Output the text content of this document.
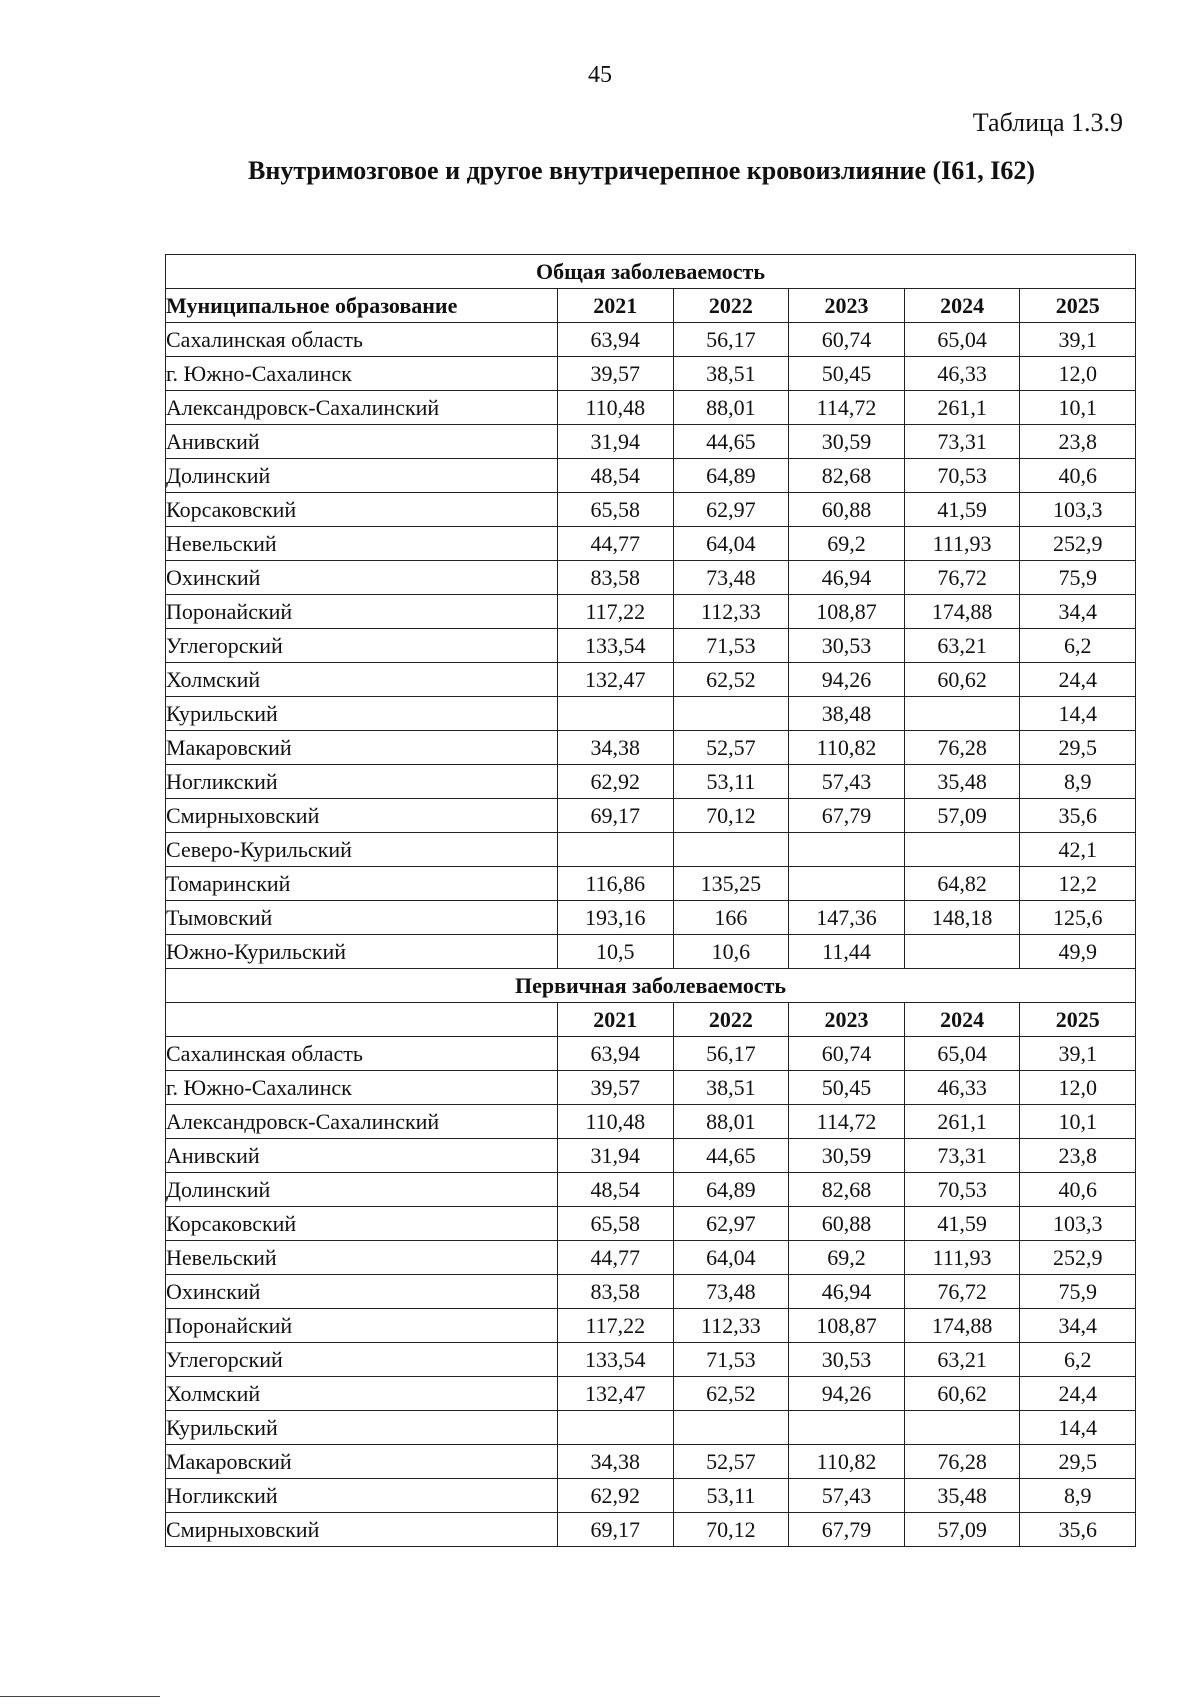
45
Таблица 1.3.9
Внутримозговое и другое внутричерепное кровоизлияние (I61, I62)
Общая заболеваемость					
Муниципальное образование	2021	2022	2023	2024	2025
Сахалинская область	63,94	56,17	60,74	65,04	39,1
г. Южно-Сахалинск	39,57	38,51	50,45	46,33	12,0
Александровск-Сахалинский	110,48	88,01	114,72	261,1	10,1
Анивский	31,94	44,65	30,59	73,31	23,8
Долинский	48,54	64,89	82,68	70,53	40,6
Корсаковский	65,58	62,97	60,88	41,59	103,3
Невельский	44,77	64,04	69,2	111,93	252,9
Охинский	83,58	73,48	46,94	76,72	75,9
Поронайский	117,22	112,33	108,87	174,88	34,4
Углегорский	133,54	71,53	30,53	63,21	6,2
Холмский	132,47	62,52	94,26	60,62	24,4
Курильский			38,48		14,4
Макаровский	34,38	52,57	110,82	76,28	29,5
Ногликский	62,92	53,11	57,43	35,48	8,9
Смирныховский	69,17	70,12	67,79	57,09	35,6
Северо-Курильский					42,1
Томаринский	116,86	135,25		64,82	12,2
Тымовский	193,16	166	147,36	148,18	125,6
Южно-Курильский	10,5	10,6	11,44		49,9
Первичная заболеваемость					
	2021	2022	2023	2024	2025
Сахалинская область	63,94	56,17	60,74	65,04	39,1
г. Южно-Сахалинск	39,57	38,51	50,45	46,33	12,0
Александровск-Сахалинский	110,48	88,01	114,72	261,1	10,1
Анивский	31,94	44,65	30,59	73,31	23,8
Долинский	48,54	64,89	82,68	70,53	40,6
Корсаковский	65,58	62,97	60,88	41,59	103,3
Невельский	44,77	64,04	69,2	111,93	252,9
Охинский	83,58	73,48	46,94	76,72	75,9
Поронайский	117,22	112,33	108,87	174,88	34,4
Углегорский	133,54	71,53	30,53	63,21	6,2
Холмский	132,47	62,52	94,26	60,62	24,4
Курильский					14,4
Макаровский	34,38	52,57	110,82	76,28	29,5
Ногликский	62,92	53,11	57,43	35,48	8,9
Смирныховский	69,17	70,12	67,79	57,09	35,6
